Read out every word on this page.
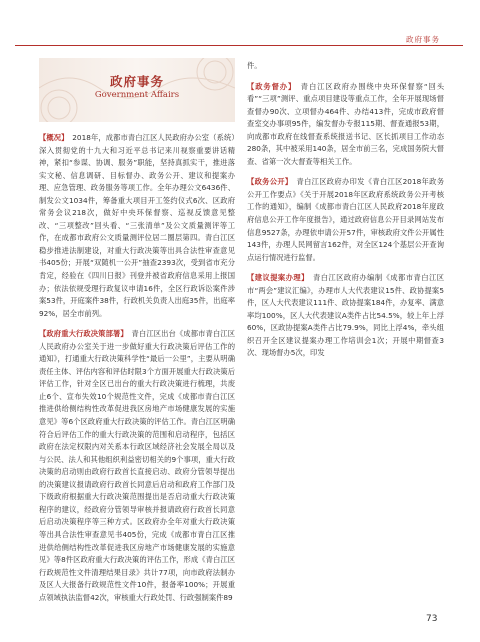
政府事务
政府事务
Government Affairs

【概况】　2018年，成都市青白江区人民政府办公室（系统）深入贯彻党的十九大和习近平总书记来川视察重要讲话精神，紧扣“参谋、协调、服务”职能，坚持真抓实干，推进落实文秘、信息调研、目标督办、政务公开、建议和提案办理、应急管理、政务服务等项工作。全年办理公文6436件、制发公文1034件，筹备重大项目开工签约仪式6次、区政府常务会议218次，做好中央环保督察、巡视反馈意见整改、“三项整改”回头看、“三张清单”及公文质量测评等工作，在成都市政府公文质量测评位居二圈层第四。青白江区稳步推进法制建设，对重大行政决策等出具合法性审查意见书405份；开展“双随机一公开”抽查2393次，受到省市充分肯定，经验在《四川日报》刊登并被省政府信息采用上报国办；依法依规受理行政复议申请16件，全区行政诉讼案件涉案53件，开庭案件38件，行政机关负责人出庭35件，出庭率92%，居全市前列。

【政府重大行政决策部署】　青白江区出台《成都市青白江区人民政府办公室关于进一步做好重大行政决策后评估工作的通知》，打通重大行政决策科学性“最后一公里”，主要从明确责任主体、评估内容和评估时限3个方面开展重大行政决策后评估工作，针对全区已出台的重大行政决策进行梳理，共废止6个、宣布失效10个规范性文件，完成《成都市青白江区推进供给侧结构性改革促进我区房地产市场健康发展的实施意见》等6个区政府重大行政决策的评估工作。青白江区明确符合后评估工作的重大行政决策的范围和启动程序，包括区政府在法定权限内对关系本行政区域经济社会发展全局以及与公民、法人和其他组织利益密切相关的9个事项，重大行政决策的启动则由政府行政首长直接启动、政府分管领导提出的决策建议报请政府行政首长同意后启动和政府工作部门及下级政府根据重大行政决策范围提出是否启动重大行政决策程序的建议，经政府分管领导审核并报请政府行政首长同意后启动决策程序等三种方式。区政府办全年对重大行政决策等出具合法性审查意见书405份，完成《成都市青白江区推进供给侧结构性改革促进我区房地产市场健康发展的实施意见》等8件区政府重大行政决策的评估工作，形成《青白江区行政规范性文件清理结果目录》共计77项，向市政府法制办及区人大报备行政规范性文件10件，报备率100%；开展重点领域执法监督42次，审核重大行政处罚、行政强制案件89

件。

【政务督办】　青白江区政府办围绕中央环保督察“回头看”“三项”测评、重点项目建设等重点工作，全年开展现场督查督办90次、立项督办464件、办结413件，完成市政府督查室交办事项95件，编发督办专报115期、督查通报53期，向成都市政府在线督查系统报送书记、区长抓项目工作动态280条，其中被采用140条，居全市前三名，完成国务院大督查、省第一次大督查等相关工作。

【政务公开】　青白江区政府办印发《青白江区2018年政务公开工作要点》《关于开展2018年区政府系统政务公开考核工作的通知》，编制《成都市青白江区人民政府2018年度政府信息公开工作年度报告》，通过政府信息公开目录网站发布信息9527条，办理依申请公开57件，审核政府文件公开属性143件，办理人民网留言162件，对全区124个基层公开查询点运行情况进行监督。

【建议提案办理】　青白江区政府办编制《成都市青白江区市“两会”建议汇编》，办理市人大代表建议15件、政协提案5件，区人大代表建议111件、政协提案184件，办复率、满意率均100%，区人大代表建议A类件占比54.5%，较上年上浮60%，区政协提案A类件占比79.9%，同比上浮4%，牵头组织召开全区建议提案办理工作培训会1次；开展中期督查3次、现场督办5次，印发

73
